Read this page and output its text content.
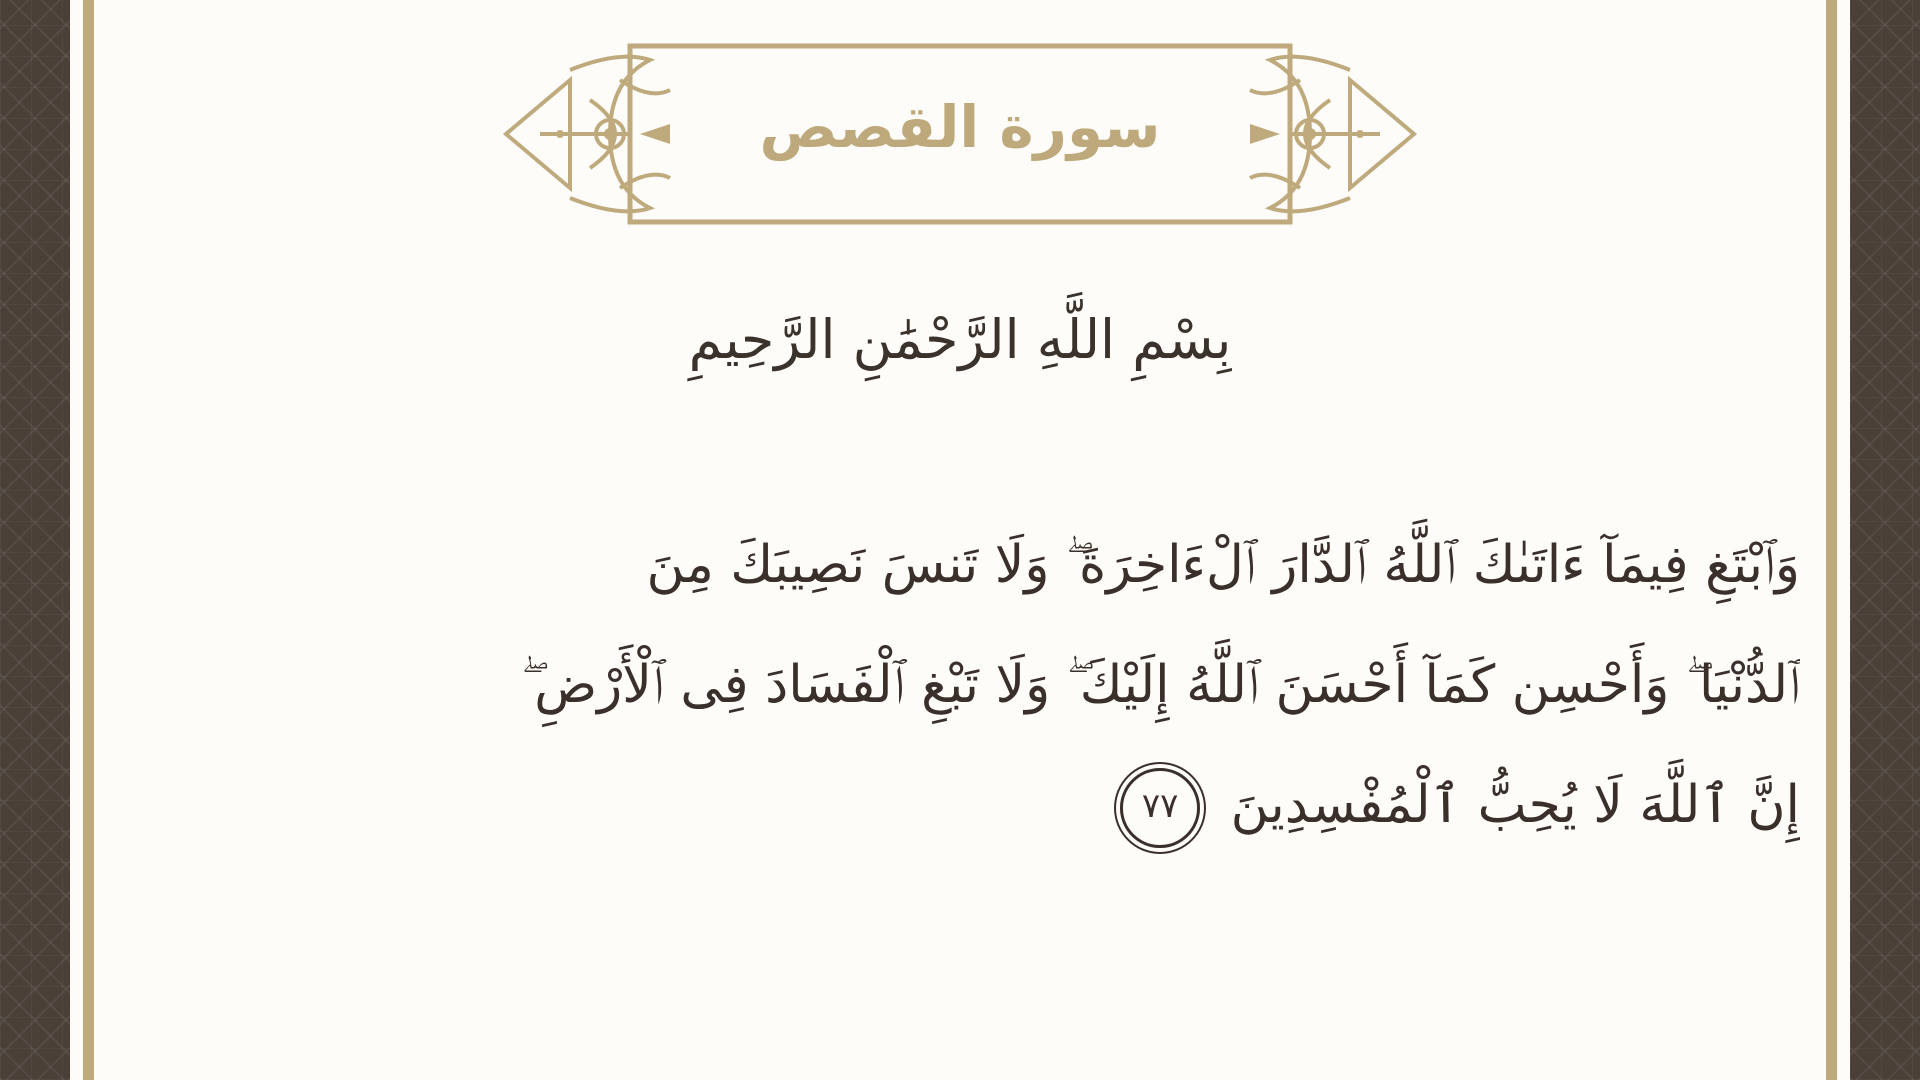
سورة القصص
بِسْمِ اللَّهِ الرَّحْمَٰنِ الرَّحِيمِ
وَٱبْتَغِ فِيمَآ ءَاتَىٰكَ ٱللَّهُ ٱلدَّارَ ٱلْءَاخِرَةَ ۖ وَلَا تَنسَ نَصِيبَكَ مِنَ
ٱلدُّنْيَا ۖ وَأَحْسِن كَمَآ أَحْسَنَ ٱللَّهُ إِلَيْكَ ۖ وَلَا تَبْغِ ٱلْفَسَادَ فِى ٱلْأَرْضِ ۖ
إِنَّ ٱللَّهَ لَا يُحِبُّ ٱلْمُفْسِدِينَ ٧٧
